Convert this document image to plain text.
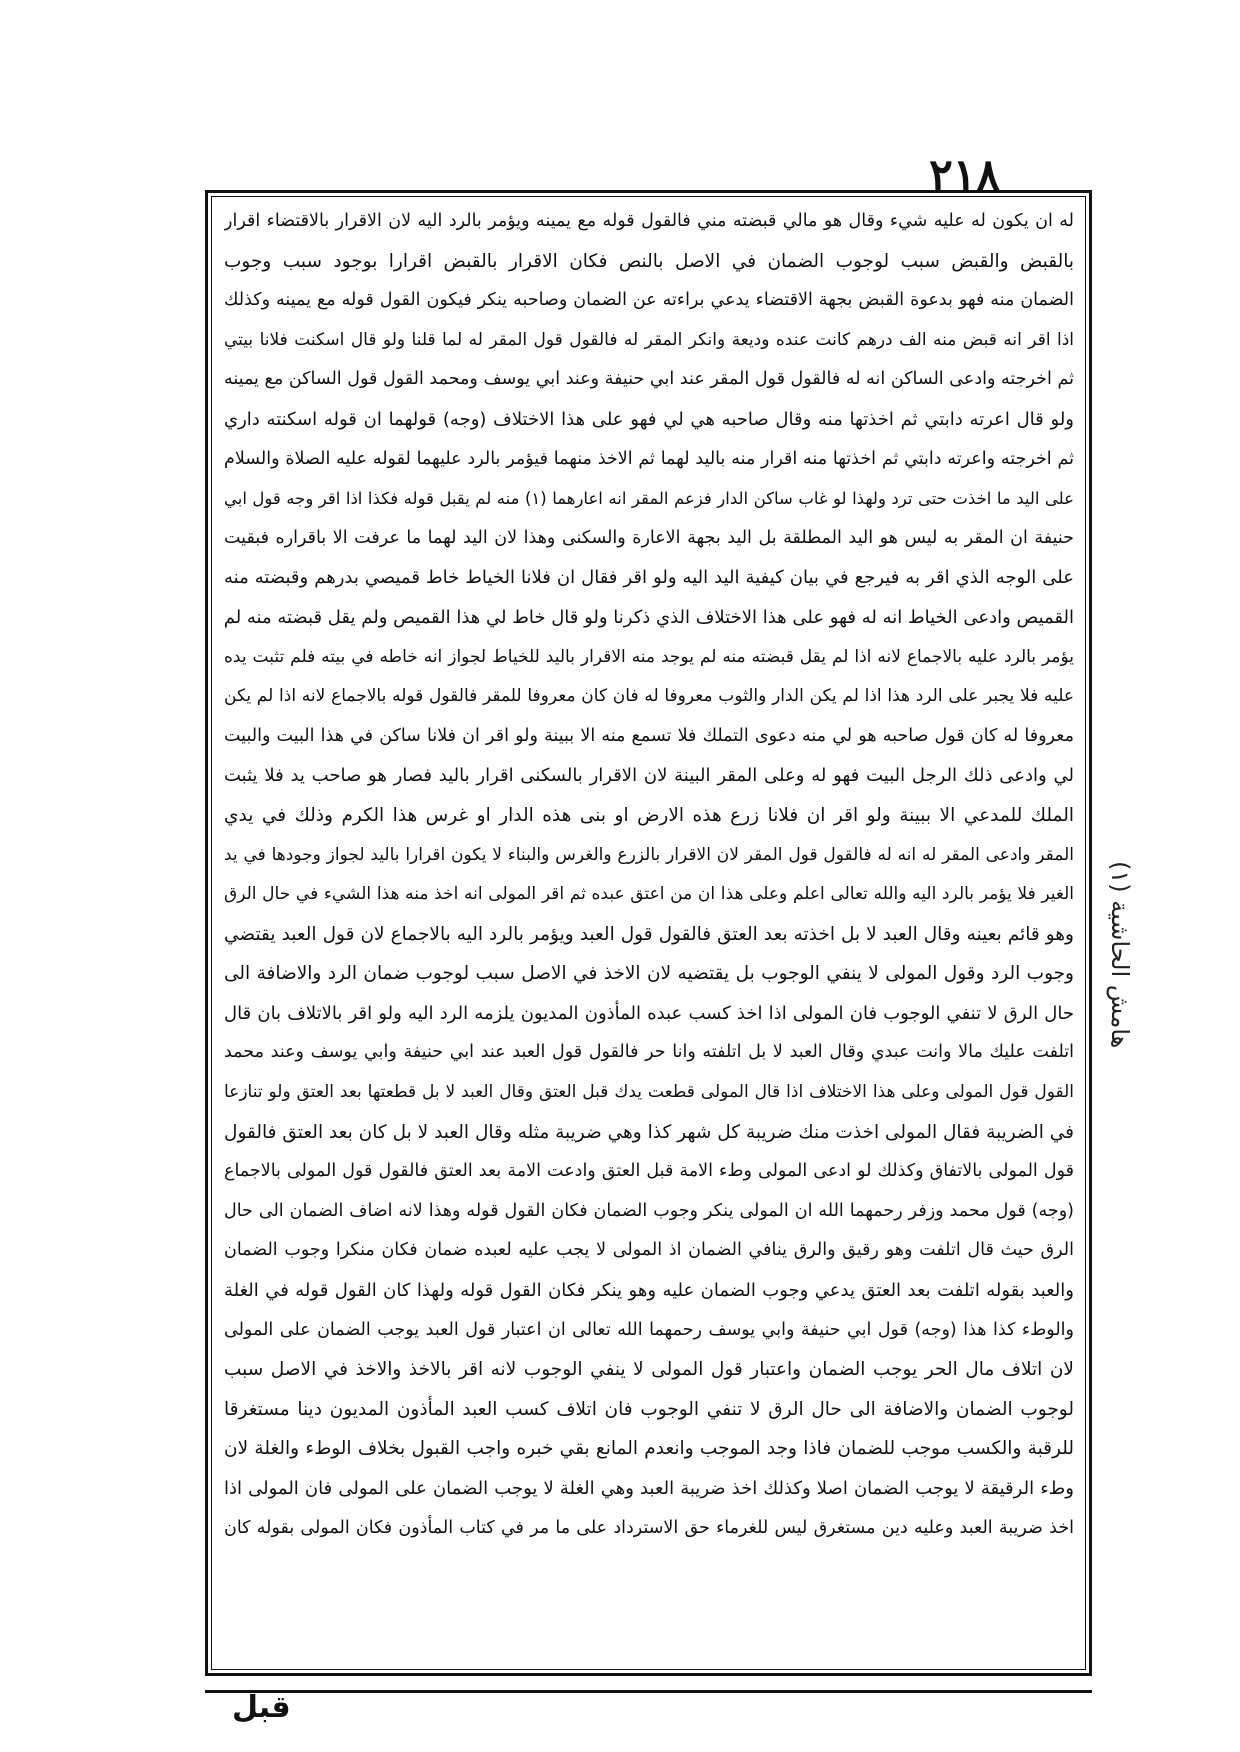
٢١٨
هامش الحاشية (١)
له ان يكون له عليه شيء وقال هو مالي قبضته مني فالقول قوله مع يمينه ويؤمر بالرد اليه لان الاقرار بالاقتضاء اقرار
بالقبض والقبض سبب لوجوب الضمان في الاصل بالنص فكان الاقرار بالقبض اقرارا بوجود سبب وجوب
الضمان منه فهو بدعوة القبض بجهة الاقتضاء يدعي براءته عن الضمان وصاحبه ينكر فيكون القول قوله مع يمينه وكذلك
اذا اقر انه قبض منه الف درهم كانت عنده وديعة وانكر المقر له فالقول قول المقر له لما قلنا ولو قال اسكنت فلانا بيتي
ثم اخرجته وادعى الساكن انه له فالقول قول المقر عند ابي حنيفة وعند ابي يوسف ومحمد القول قول الساكن مع يمينه
ولو قال اعرته دابتي ثم اخذتها منه وقال صاحبه هي لي فهو على هذا الاختلاف (وجه) قولهما ان قوله اسكنته داري
ثم اخرجته واعرته دابتي ثم اخذتها منه اقرار منه باليد لهما ثم الاخذ منهما فيؤمر بالرد عليهما لقوله عليه الصلاة والسلام
على اليد ما اخذت حتى ترد ولهذا لو غاب ساكن الدار فزعم المقر انه اعارهما (١) منه لم يقبل قوله فكذا اذا اقر وجه قول ابي
حنيفة ان المقر به ليس هو اليد المطلقة بل اليد بجهة الاعارة والسكنى وهذا لان اليد لهما ما عرفت الا باقراره فبقيت
على الوجه الذي اقر به فيرجع في بيان كيفية اليد اليه ولو اقر فقال ان فلانا الخياط خاط قميصي بدرهم وقبضته منه
القميص وادعى الخياط انه له فهو على هذا الاختلاف الذي ذكرنا ولو قال خاط لي هذا القميص ولم يقل قبضته منه لم
يؤمر بالرد عليه بالاجماع لانه اذا لم يقل قبضته منه لم يوجد منه الاقرار باليد للخياط لجواز انه خاطه في بيته فلم تثبت يده
عليه فلا يجبر على الرد هذا اذا لم يكن الدار والثوب معروفا له فان كان معروفا للمقر فالقول قوله بالاجماع لانه اذا لم يكن
معروفا له كان قول صاحبه هو لي منه دعوى التملك فلا تسمع منه الا ببينة ولو اقر ان فلانا ساكن في هذا البيت والبيت
لي وادعى ذلك الرجل البيت فهو له وعلى المقر البينة لان الاقرار بالسكنى اقرار باليد فصار هو صاحب يد فلا يثبت
الملك للمدعي الا ببينة ولو اقر ان فلانا زرع هذه الارض او بنى هذه الدار او غرس هذا الكرم وذلك في يدي
المقر وادعى المقر له انه له فالقول قول المقر لان الاقرار بالزرع والغرس والبناء لا يكون اقرارا باليد لجواز وجودها في يد
الغير فلا يؤمر بالرد اليه والله تعالى اعلم وعلى هذا ان من اعتق عبده ثم اقر المولى انه اخذ منه هذا الشيء في حال الرق
وهو قائم بعينه وقال العبد لا بل اخذته بعد العتق فالقول قول العبد ويؤمر بالرد اليه بالاجماع لان قول العبد يقتضي
وجوب الرد وقول المولى لا ينفي الوجوب بل يقتضيه لان الاخذ في الاصل سبب لوجوب ضمان الرد والاضافة الى
حال الرق لا تنفي الوجوب فان المولى اذا اخذ كسب عبده المأذون المديون يلزمه الرد اليه ولو اقر بالاتلاف بان قال
اتلفت عليك مالا وانت عبدي وقال العبد لا بل اتلفته وانا حر فالقول قول العبد عند ابي حنيفة وابي يوسف وعند محمد
القول قول المولى وعلى هذا الاختلاف اذا قال المولى قطعت يدك قبل العتق وقال العبد لا بل قطعتها بعد العتق ولو تنازعا
في الضريبة فقال المولى اخذت منك ضريبة كل شهر كذا وهي ضريبة مثله وقال العبد لا بل كان بعد العتق فالقول
قول المولى بالاتفاق وكذلك لو ادعى المولى وطء الامة قبل العتق وادعت الامة بعد العتق فالقول قول المولى بالاجماع
(وجه) قول محمد وزفر رحمهما الله ان المولى ينكر وجوب الضمان فكان القول قوله وهذا لانه اضاف الضمان الى حال
الرق حيث قال اتلفت وهو رقيق والرق ينافي الضمان اذ المولى لا يجب عليه لعبده ضمان فكان منكرا وجوب الضمان
والعبد بقوله اتلفت بعد العتق يدعي وجوب الضمان عليه وهو ينكر فكان القول قوله ولهذا كان القول قوله في الغلة
والوطء كذا هذا (وجه) قول ابي حنيفة وابي يوسف رحمهما الله تعالى ان اعتبار قول العبد يوجب الضمان على المولى
لان اتلاف مال الحر يوجب الضمان واعتبار قول المولى لا ينفي الوجوب لانه اقر بالاخذ والاخذ في الاصل سبب
لوجوب الضمان والاضافة الى حال الرق لا تنفي الوجوب فان اتلاف كسب العبد المأذون المديون دينا مستغرقا
للرقبة والكسب موجب للضمان فاذا وجد الموجب وانعدم المانع بقي خبره واجب القبول بخلاف الوطء والغلة لان
وطء الرقيقة لا يوجب الضمان اصلا وكذلك اخذ ضريبة العبد وهي الغلة لا يوجب الضمان على المولى فان المولى اذا
اخذ ضريبة العبد وعليه دين مستغرق ليس للغرماء حق الاسترداد على ما مر في كتاب المأذون فكان المولى بقوله كان
قبل
